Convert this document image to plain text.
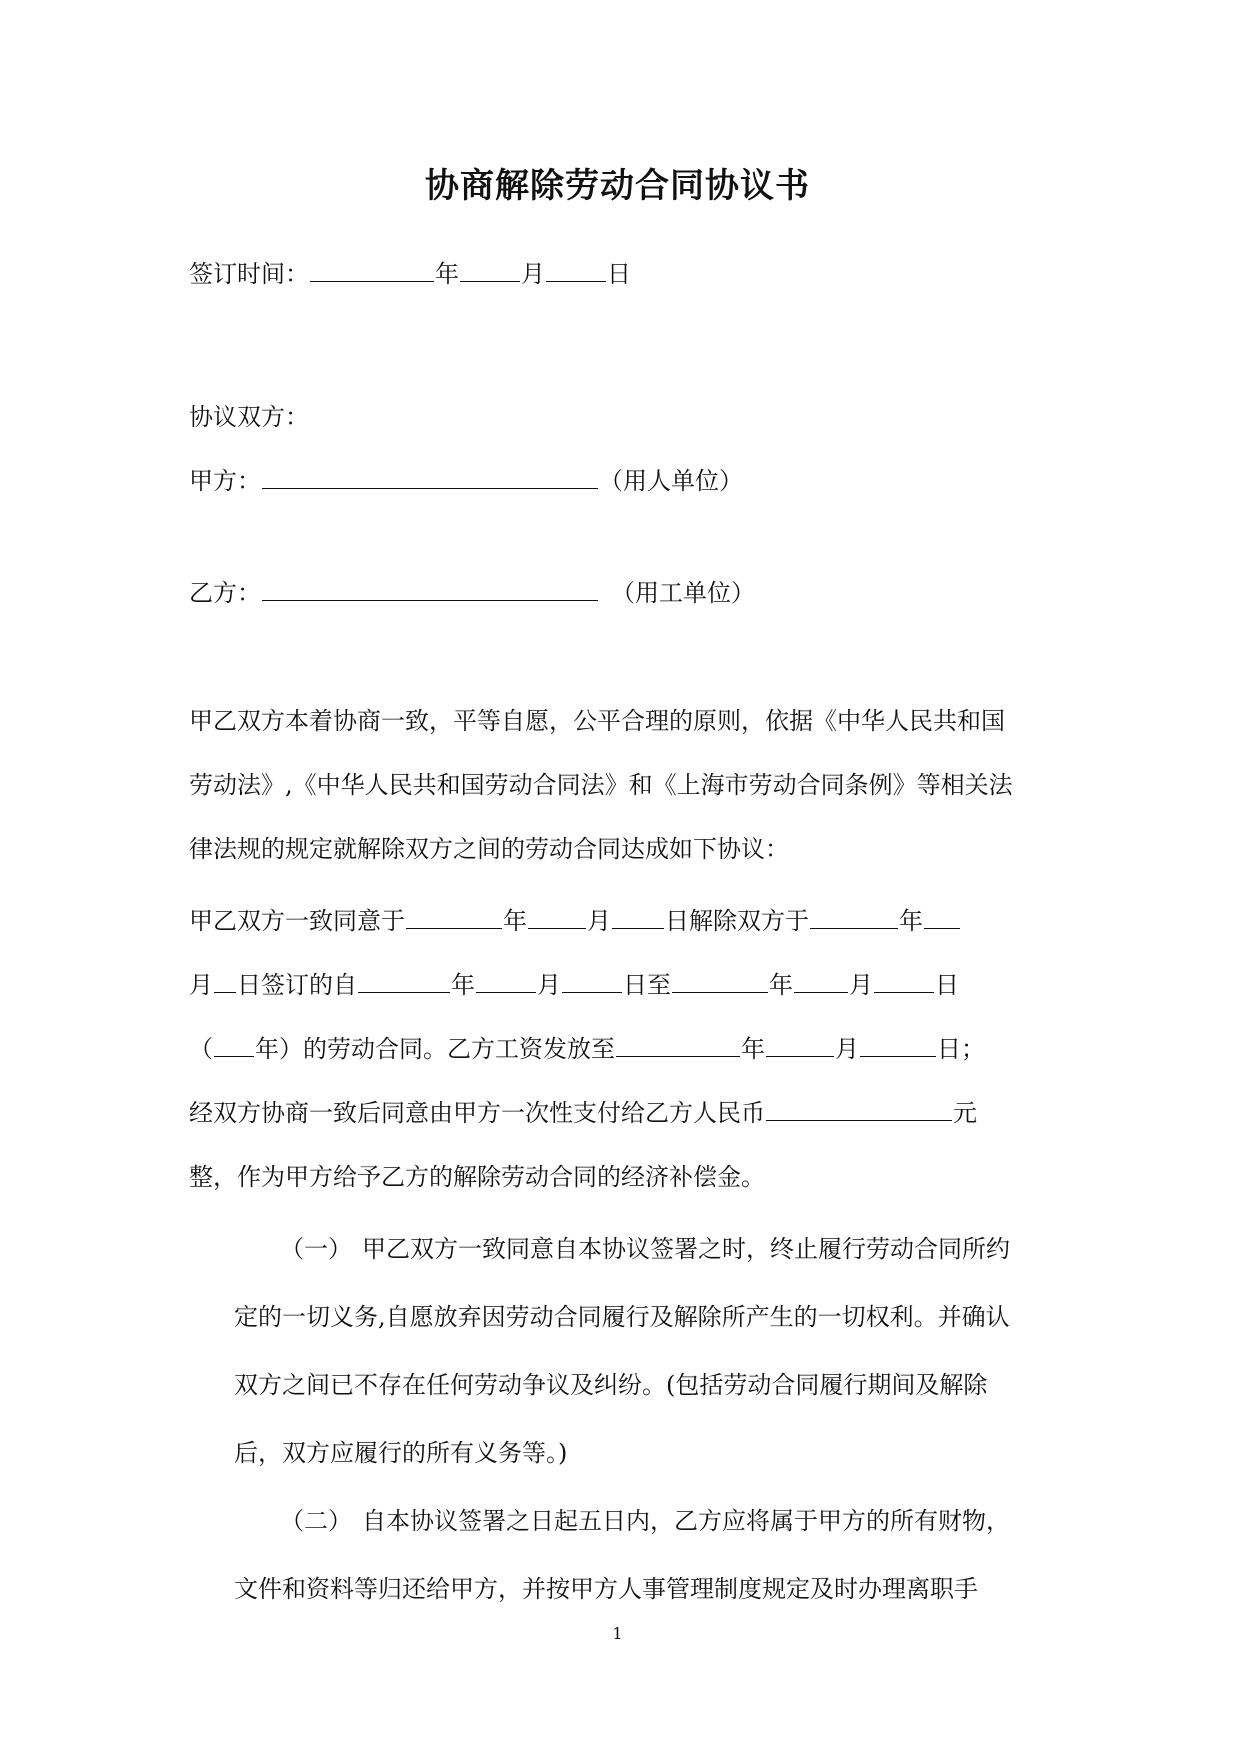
协商解除劳动合同协议书
签订时间：	年	月	日
协议双方：
甲方：	（用人单位）
乙方：	（用工单位）
甲乙双方本着协商一致，平等自愿，公平合理的原则，依据《中华人民共和国
劳动法》,《中华人民共和国劳动合同法》和《上海市劳动合同条例》等相关法
律法规的规定就解除双方之间的劳动合同达成如下协议：
甲乙双方一致同意于	年	月 日解除双方于	年
月 日签订的自	年	月	日至	年 月	日
（ 年）的劳动合同。乙方工资发放至	年	月	日；
经双方协商一致后同意由甲方一次性支付给乙方人民币	元
整，作为甲方给予乙方的解除劳动合同的经济补偿金。
（一） 甲乙双方一致同意自本协议签署之时，终止履行劳动合同所约
定的一切义务,自愿放弃因劳动合同履行及解除所产生的一切权利。并确认
双方之间已不存在任何劳动争议及纠纷。(包括劳动合同履行期间及解除
后，双方应履行的所有义务等。)
（二） 自本协议签署之日起五日内，乙方应将属于甲方的所有财物，
文件和资料等归还给甲方，并按甲方人事管理制度规定及时办理离职手
1
